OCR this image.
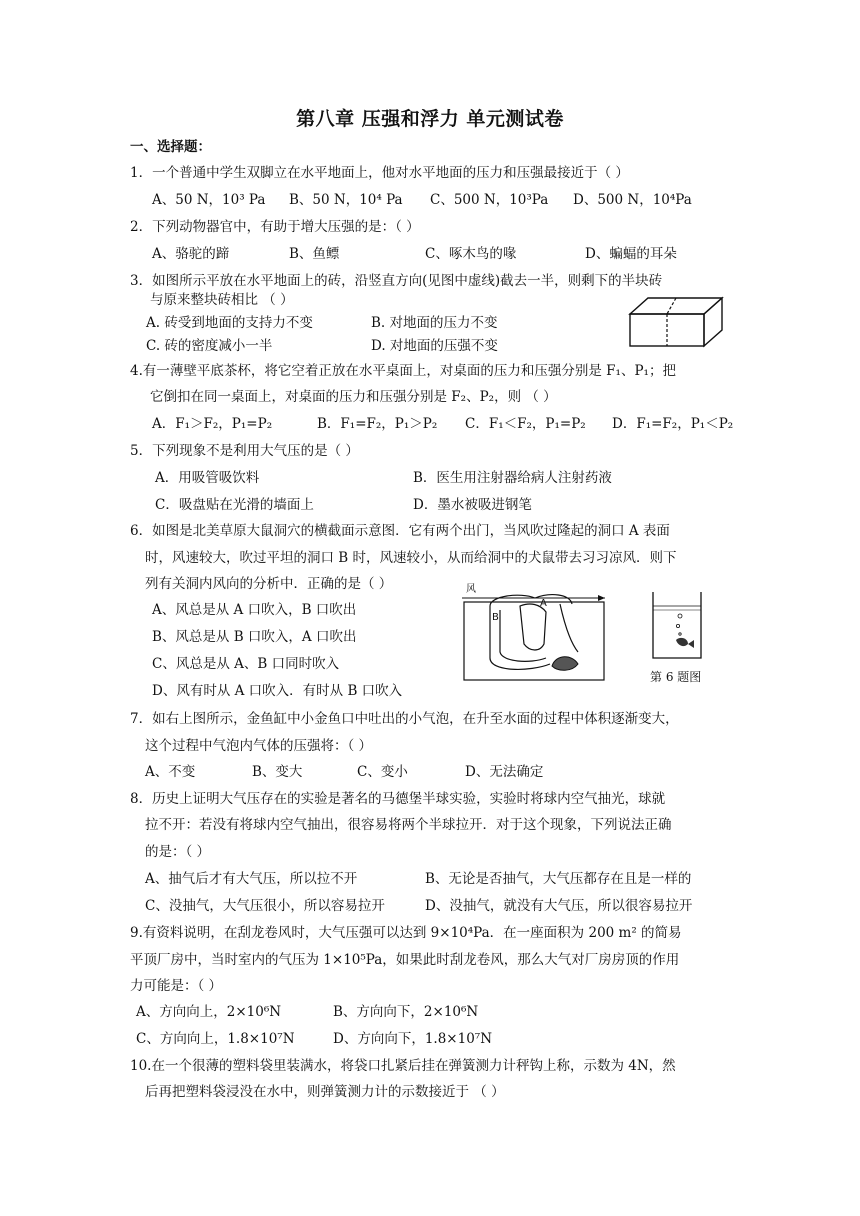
第八章 压强和浮力 单元测试卷
一、选择题：
1．一个普通中学生双脚立在水平地面上，他对水平地面的压力和压强最接近于（ ）
A、50 N，10³ Pa B、50 N，10⁴ Pa C、500 N，10³Pa D、500 N，10⁴Pa
2．下列动物器官中，有助于增大压强的是：（ ）
A、骆驼的蹄	B、鱼鳔	C、啄木鸟的喙	D、蝙蝠的耳朵
3．如图所示平放在水平地面上的砖，沿竖直方向(见图中虚线)截去一半，则剩下的半块砖
与原来整块砖相比 （ ）
A. 砖受到地面的支持力不变	B. 对地面的压力不变
C. 砖的密度减小一半	D. 对地面的压强不变
4.有一薄壁平底茶杯，将它空着正放在水平桌面上，对桌面的压力和压强分别是 F₁、P₁；把
它倒扣在同一桌面上，对桌面的压力和压强分别是 F₂、P₂，则 （ ）
A．F₁＞F₂，P₁=P₂	B．F₁=F₂，P₁＞P₂ C．F₁＜F₂，P₁=P₂ D．F₁=F₂，P₁＜P₂
5．下列现象不是利用大气压的是（ ）
A．用吸管吸饮料	B．医生用注射器给病人注射药液
C．吸盘贴在光滑的墙面上	D．墨水被吸进钢笔
6．如图是北美草原大鼠洞穴的横截面示意图．它有两个出门，当风吹过隆起的洞口 A 表面
时，风速较大，吹过平坦的洞口 B 时，风速较小，从而给洞中的犬鼠带去习习凉风．则下
列有关洞内风向的分析中．正确的是（ ）
A、风总是从 A 口吹入，B 口吹出
B、风总是从 B 口吹入，A 口吹出
C、风总是从 A、B 口同时吹入
D、风有时从 A 口吹入．有时从 B 口吹入
风
B
A
第 6 题图
7．如右上图所示，金鱼缸中小金鱼口中吐出的小气泡，在升至水面的过程中体积逐渐变大，
这个过程中气泡内气体的压强将：（ ）
A、不变	B、变大	C、变小	D、无法确定
8．历史上证明大气压存在的实验是著名的马德堡半球实验，实验时将球内空气抽光，球就
拉不开：若没有将球内空气抽出，很容易将两个半球拉开．对于这个现象，下列说法正确
的是：（ ）
A、抽气后才有大气压，所以拉不开	B、无论是否抽气，大气压都存在且是一样的
C、没抽气，大气压很小，所以容易拉开	D、没抽气，就没有大气压，所以很容易拉开
9.有资料说明，在刮龙卷风时，大气压强可以达到 9×10⁴Pa．在一座面积为 200 m² 的简易
平顶厂房中，当时室内的气压为 1×10⁵Pa，如果此时刮龙卷风，那么大气对厂房房顶的作用
力可能是：（ ）
A、方向向上，2×10⁶N	B、方向向下，2×10⁶N
C、方向向上，1.8×10⁷N	D、方向向下，1.8×10⁷N
10.在一个很薄的塑料袋里装满水，将袋口扎紧后挂在弹簧测力计秤钩上称，示数为 4N，然
后再把塑料袋浸没在水中，则弹簧测力计的示数接近于 （ ）
